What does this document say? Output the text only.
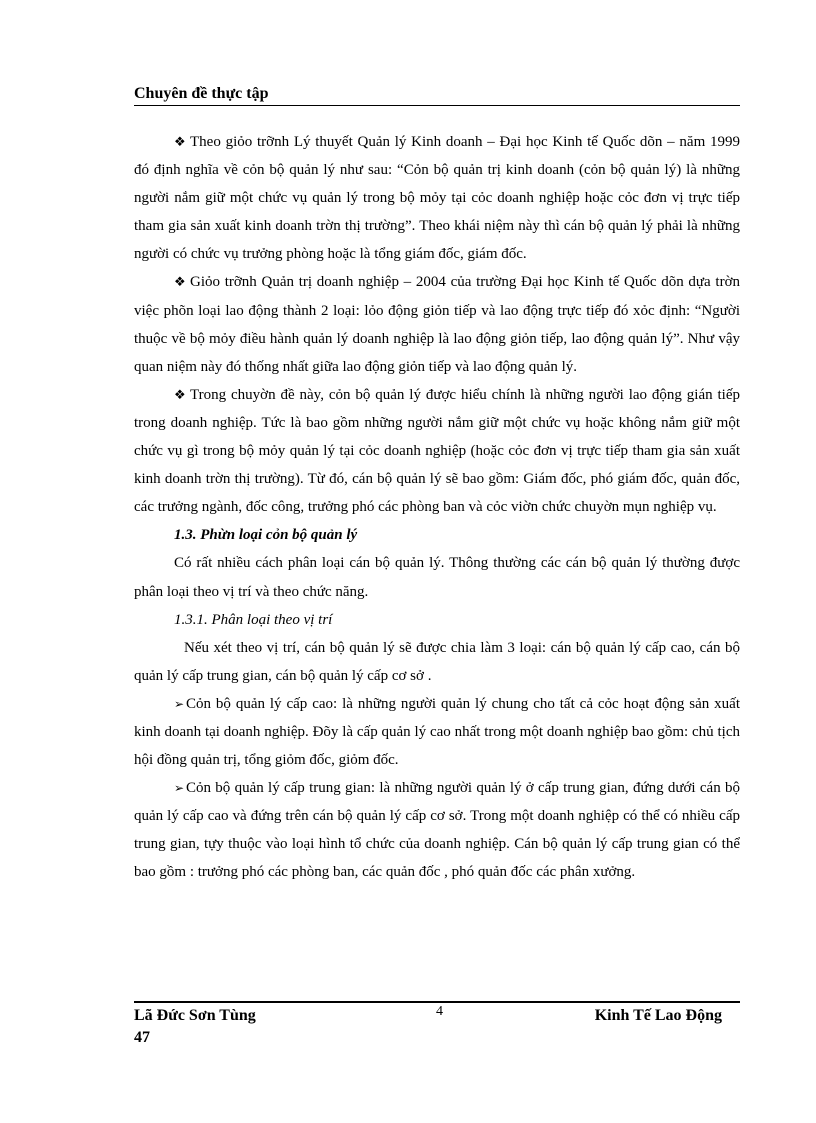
Chuyên đề thực tập

❖ Theo giỏo trỡnh Lý thuyết Quản lý Kinh doanh – Đại học Kinh tế Quốc dõn – năm 1999 đó định nghĩa về cỏn bộ quản lý như sau: “Cỏn bộ quản trị kinh doanh (cỏn bộ quản lý) là những người nắm giữ một chức vụ quản lý trong bộ mỏy tại cỏc doanh nghiệp hoặc cỏc đơn vị trực tiếp tham gia sản xuất kinh doanh trờn thị trường”. Theo khái niệm này thì cán bộ quản lý phải là những người có chức vụ trưởng phòng hoặc là tổng giám đốc, giám đốc.

❖ Giỏo trỡnh Quản trị doanh nghiệp – 2004 của trường Đại học Kinh tế Quốc dõn dựa trờn việc phõn loại lao động thành 2 loại: lỏo động giỏn tiếp và lao động trực tiếp đó xỏc định: “Người thuộc về bộ mỏy điều hành quản lý doanh nghiệp là lao động giỏn tiếp, lao động quản lý”. Như vậy quan niệm này đó thống nhất giữa lao động giỏn tiếp và lao động quản lý.

❖ Trong chuyờn đề này, cỏn bộ quản lý được hiểu chính là những người lao động gián tiếp trong doanh nghiệp. Tức là bao gồm những người nắm giữ một chức vụ hoặc không nắm giữ một chức vụ gì trong bộ mỏy quản lý tại cỏc doanh nghiệp (hoặc cỏc đơn vị trực tiếp tham gia sản xuất kinh doanh trờn thị trường). Từ đó, cán bộ quản lý sẽ bao gồm: Giám đốc, phó giám đốc, quản đốc, các trưởng ngành, đốc công, trưởng phó các phòng ban và cỏc viờn chức chuyờn mụn nghiệp vụ.

1.3. Phừn loại cỏn bộ quản lý

Có rất nhiều cách phân loại cán bộ quản lý. Thông thường các cán bộ quản lý thường được phân loại theo vị trí và theo chức năng.

1.3.1. Phân loại theo vị trí

Nếu xét theo vị trí, cán bộ quản lý sẽ được chia làm 3 loại: cán bộ quản lý cấp cao, cán bộ quản lý cấp trung gian, cán bộ quản lý cấp cơ sở .

➢ Cỏn bộ quản lý cấp cao: là những người quản lý chung cho tất cả cỏc hoạt động sản xuất kinh doanh tại doanh nghiệp. Đõy là cấp quản lý cao nhất trong một doanh nghiệp bao gồm: chủ tịch hội đồng quản trị, tổng giỏm đốc, giỏm đốc.

➢ Cỏn bộ quản lý cấp trung gian: là những người quản lý ở cấp trung gian, đứng dưới cán bộ quản lý cấp cao và đứng trên cán bộ quản lý cấp cơ sở. Trong một doanh nghiệp có thể có nhiều cấp trung gian, tựy thuộc vào loại hình tổ chức của doanh nghiệp. Cán bộ quản lý cấp trung gian có thể bao gồm : trưởng phó các phòng ban, các quản đốc , phó quản đốc các phân xưởng.

Lã Đức Sơn Tùng
47
4	Kinh Tế Lao Động
